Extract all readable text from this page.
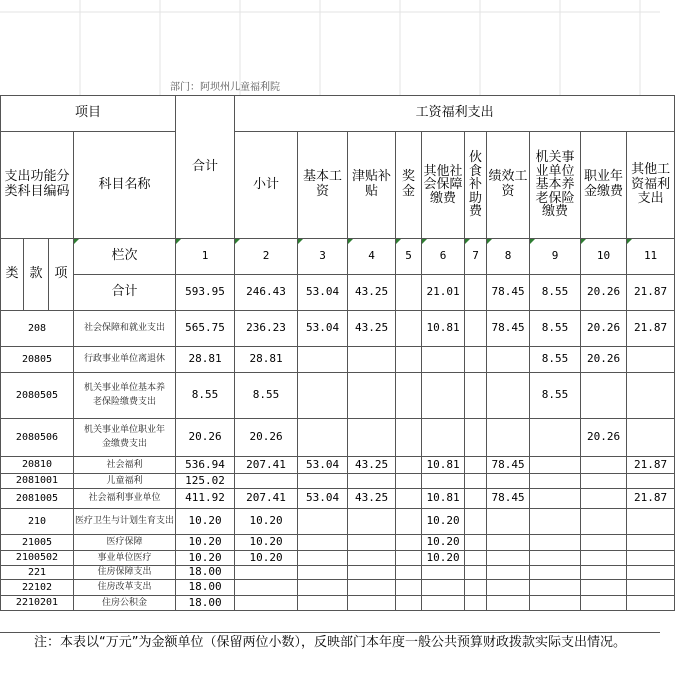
部门：阿坝州儿童福利院
项目				合计	工资福利支出									
支出功能分类科目编码			科目名称		小计	基本工资	津贴补贴	奖金	其他社会保障缴费	伙食补助费	绩效工资	机关事业单位基本养老保险缴费	职业年金缴费	其他工资福利支出
类	款	项	栏次	1	2	3	4	5	6	7	8	9	10	11
			合计	593.95	246.43	53.04	43.25		21.01		78.45	8.55	20.26	21.87
208			社会保障和就业支出	565.75	236.23	53.04	43.25		10.81		78.45	8.55	20.26	21.87
20805			行政事业单位离退休	28.81	28.81							8.55	20.26	
2080505			机关事业单位基本养老保险缴费支出	8.55	8.55							8.55		
2080506			机关事业单位职业年金缴费支出	20.26	20.26								20.26	
20810			社会福利	536.94	207.41	53.04	43.25		10.81		78.45			21.87
2081001			儿童福利	125.02										
2081005			社会福利事业单位	411.92	207.41	53.04	43.25		10.81		78.45			21.87
210			医疗卫生与计划生育支出	10.20	10.20				10.20					
21005			医疗保障	10.20	10.20				10.20					
2100502			事业单位医疗	10.20	10.20				10.20					
221			住房保障支出	18.00										
22102			住房改革支出	18.00										
2210201			住房公积金	18.00										
注：本表以“万元”为金额单位（保留两位小数），反映部门本年度一般公共预算财政拨款实际支出情况。
